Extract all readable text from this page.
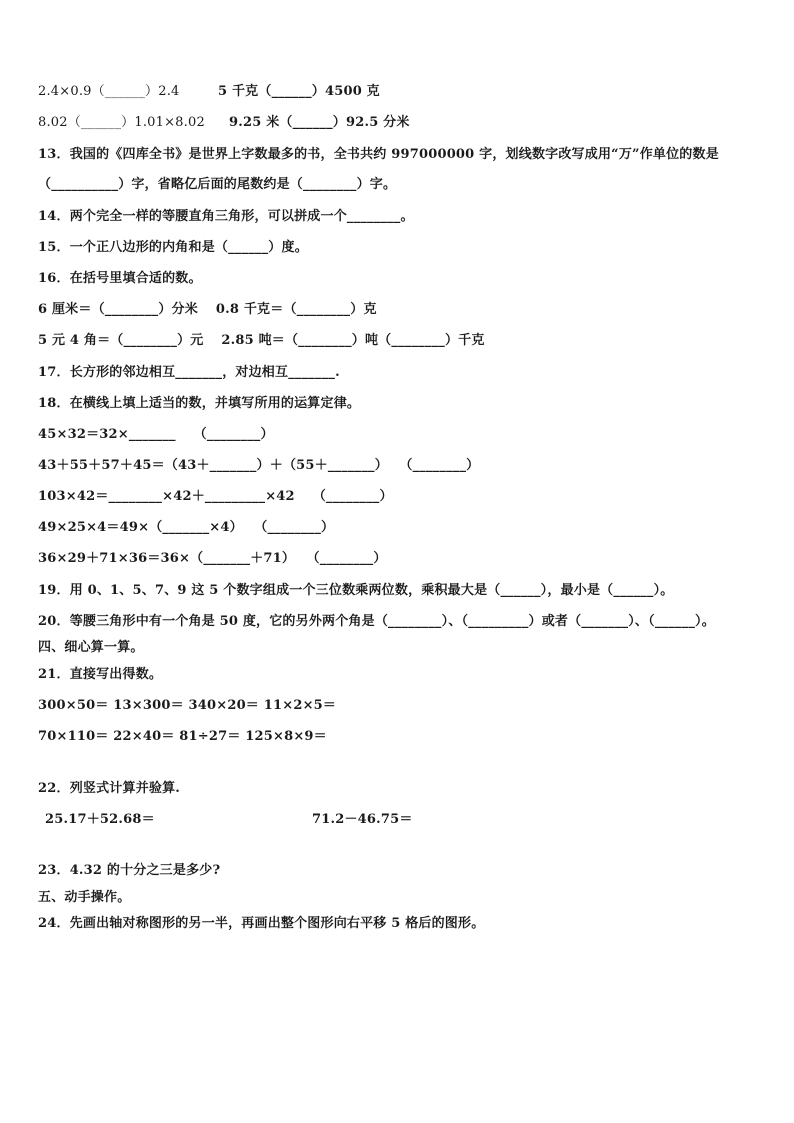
2.4×0.9（______）2.4	5 千克（______）4500 克
8.02（______）1.01×8.02 9.25 米（______）92.5 分米
13．我国的《四库全书》是世界上字数最多的书，全书共约 997000000 字，划线数字改写成用“万”作单位的数是
（__________）字，省略亿后面的尾数约是（________）字。
14．两个完全一样的等腰直角三角形，可以拼成一个________。
15．一个正八边形的内角和是（______）度。
16．在括号里填合适的数。
6 厘米＝（________）分米　 0.8 千克＝（________）克
5 元 4 角＝（________）元　 2.85 吨＝（________）吨（________）千克
17．长方形的邻边相互_______，对边相互_______.
18．在横线上填上适当的数，并填写所用的运算定律。
45×32＝32×_______　 （________）
43＋55＋57＋45＝（43＋_______）＋（55＋_______）　 （________）
103×42＝________×42＋_________×42　 （________）
49×25×4＝49×（_______×4）　 （________）
36×29＋71×36＝36×（_______＋71）　 （________）
19．用 0、1、5、7、9 这 5 个数字组成一个三位数乘两位数，乘积最大是（______），最小是（______）。
20．等腰三角形中有一个角是 50 度，它的另外两个角是（________）、（_________）或者（_______）、（______）。
四、细心算一算。
21．直接写出得数。
300×50＝ 13×300＝ 340×20＝ 11×2×5＝
70×110＝ 22×40＝ 81÷27＝ 125×8×9＝
22．列竖式计算并验算.
25.17＋52.68＝	71.2－46.75＝
23．4.32 的十分之三是多少?
五、动手操作。
24．先画出轴对称图形的另一半，再画出整个图形向右平移 5 格后的图形。
